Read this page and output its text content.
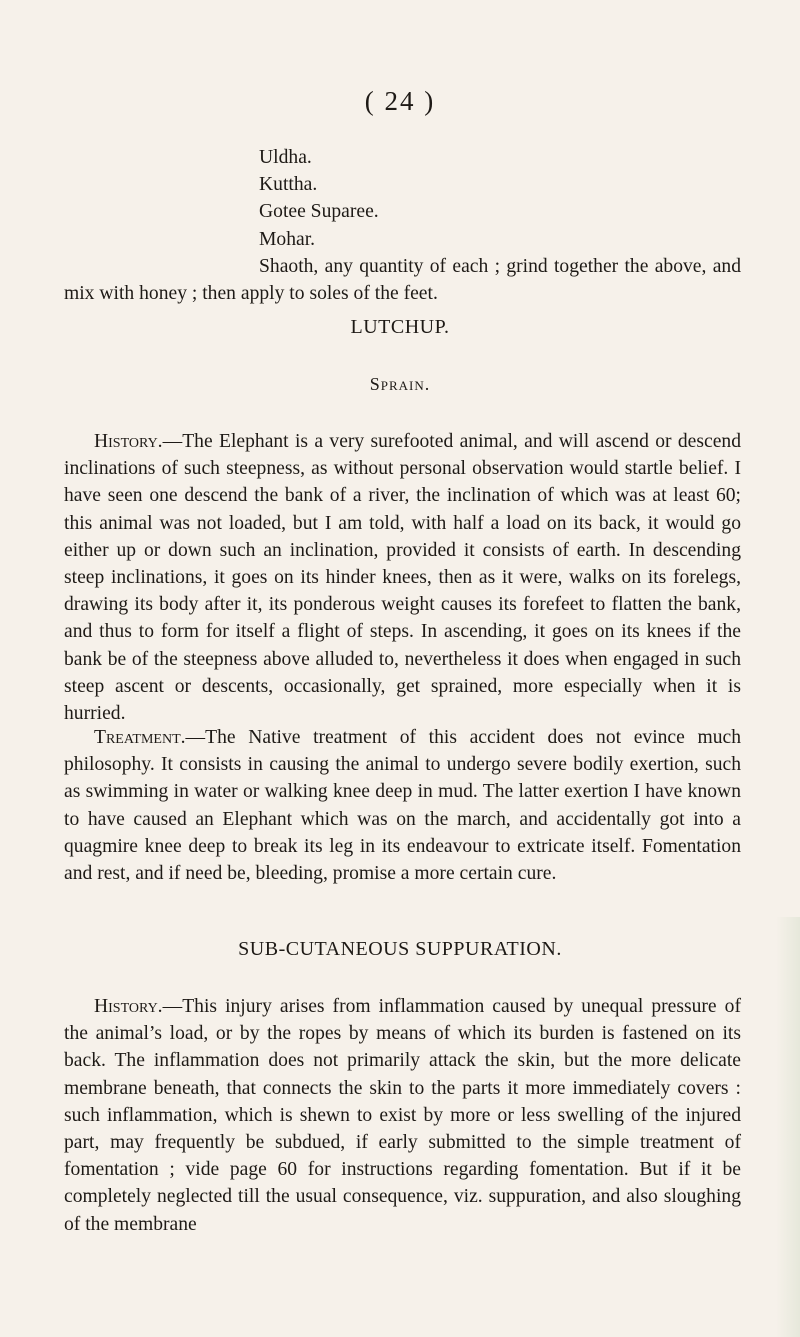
( 24 )
Uldha.
Kuttha.
Gotee Suparee.
Mohar.

Shaoth, any quantity of each ; grind together the above, and mix with honey ; then apply to soles of the feet.

LUTCHUP.
Sprain.

History.—The Elephant is a very surefooted animal, and will ascend or descend inclinations of such steepness, as without personal observation would startle belief. I have seen one descend the bank of a river, the inclination of which was at least 60; this animal was not loaded, but I am told, with half a load on its back, it would go either up or down such an inclination, provided it consists of earth. In descending steep inclinations, it goes on its hinder knees, then as it were, walks on its forelegs, drawing its body after it, its ponderous weight causes its forefeet to flatten the bank, and thus to form for itself a flight of steps. In ascending, it goes on its knees if the bank be of the steepness above alluded to, nevertheless it does when engaged in such steep ascent or descents, occasionally, get sprained, more especially when it is hurried.

Treatment.—The Native treatment of this accident does not evince much philosophy. It consists in causing the animal to undergo severe bodily exertion, such as swimming in water or walking knee deep in mud. The latter exertion I have known to have caused an Elephant which was on the march, and accidentally got into a quagmire knee deep to break its leg in its endeavour to extricate itself. Fomentation and rest, and if need be, bleeding, promise a more certain cure.

SUB-CUTANEOUS SUPPURATION.

History.—This injury arises from inflammation caused by unequal pressure of the animal’s load, or by the ropes by means of which its burden is fastened on its back. The inflammation does not primarily attack the skin, but the more delicate membrane beneath, that connects the skin to the parts it more immediately covers : such inflammation, which is shewn to exist by more or less swelling of the injured part, may frequently be subdued, if early submitted to the simple treatment of fomentation ; vide page 60 for instructions regarding fomentation. But if it be completely neglected till the usual consequence, viz. suppuration, and also sloughing of the membrane
